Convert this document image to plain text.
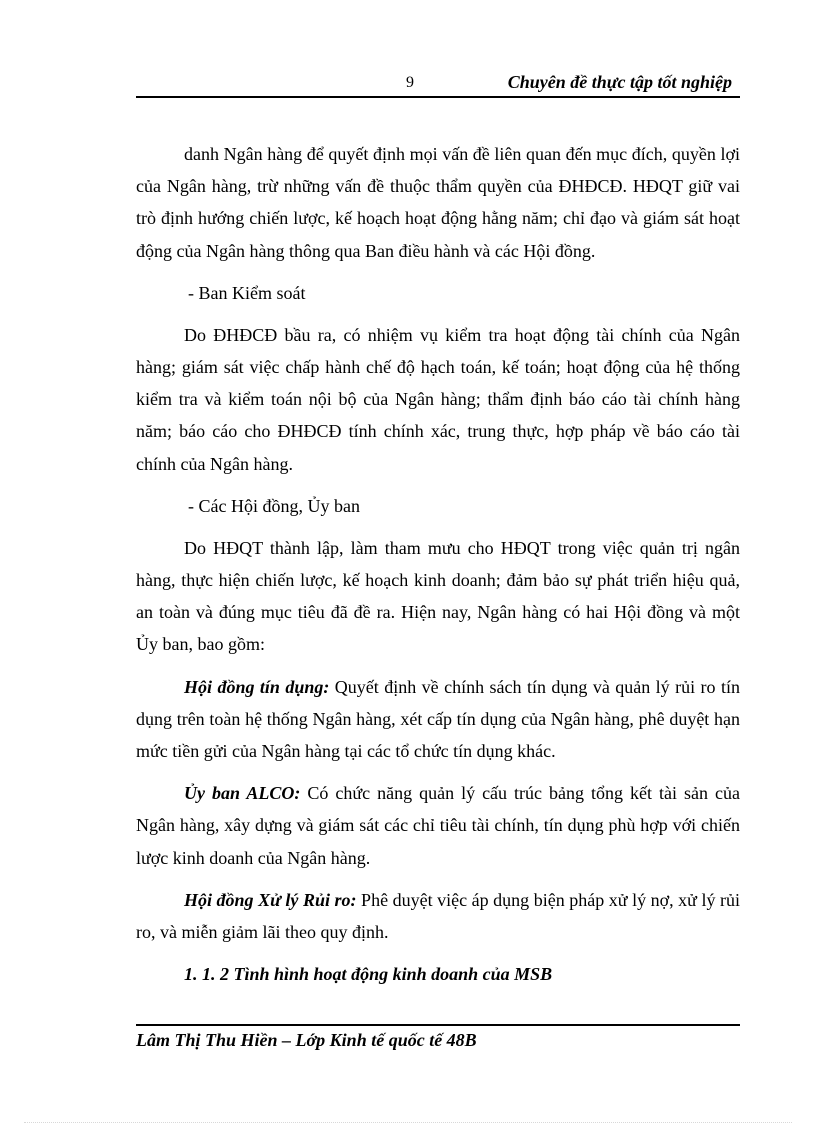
9	Chuyên đề thực tập tốt nghiệp

danh Ngân hàng để quyết định mọi vấn đề liên quan đến mục đích, quyền lợi của Ngân hàng, trừ những vấn đề thuộc thẩm quyền của ĐHĐCĐ. HĐQT giữ vai trò định hướng chiến lược, kế hoạch hoạt động hằng năm; chỉ đạo và giám sát hoạt động của Ngân hàng thông qua Ban điều hành và các Hội đồng.

- Ban Kiểm soát

Do ĐHĐCĐ bầu ra, có nhiệm vụ kiểm tra hoạt động tài chính của Ngân hàng; giám sát việc chấp hành chế độ hạch toán, kế toán; hoạt động của hệ thống kiểm tra và kiểm toán nội bộ của Ngân hàng; thẩm định báo cáo tài chính hàng năm; báo cáo cho ĐHĐCĐ tính chính xác, trung thực, hợp pháp về báo cáo tài chính của Ngân hàng.

- Các Hội đồng, Ủy ban

Do HĐQT thành lập, làm tham mưu cho HĐQT trong việc quản trị ngân hàng, thực hiện chiến lược, kế hoạch kinh doanh; đảm bảo sự phát triển hiệu quả, an toàn và đúng mục tiêu đã đề ra. Hiện nay, Ngân hàng có hai Hội đồng và một Ủy ban, bao gồm:

Hội đồng tín dụng: Quyết định về chính sách tín dụng và quản lý rủi ro tín dụng trên toàn hệ thống Ngân hàng, xét cấp tín dụng của Ngân hàng, phê duyệt hạn mức tiền gửi của Ngân hàng tại các tổ chức tín dụng khác.

Ủy ban ALCO: Có chức năng quản lý cấu trúc bảng tổng kết tài sản của Ngân hàng, xây dựng và giám sát các chỉ tiêu tài chính, tín dụng phù hợp với chiến lược kinh doanh của Ngân hàng.

Hội đồng Xử lý Rủi ro: Phê duyệt việc áp dụng biện pháp xử lý nợ, xử lý rủi ro, và miễn giảm lãi theo quy định.

1. 1. 2 Tình hình hoạt động kinh doanh của MSB
Lâm Thị Thu Hiền – Lớp Kinh tế quốc tế 48B
